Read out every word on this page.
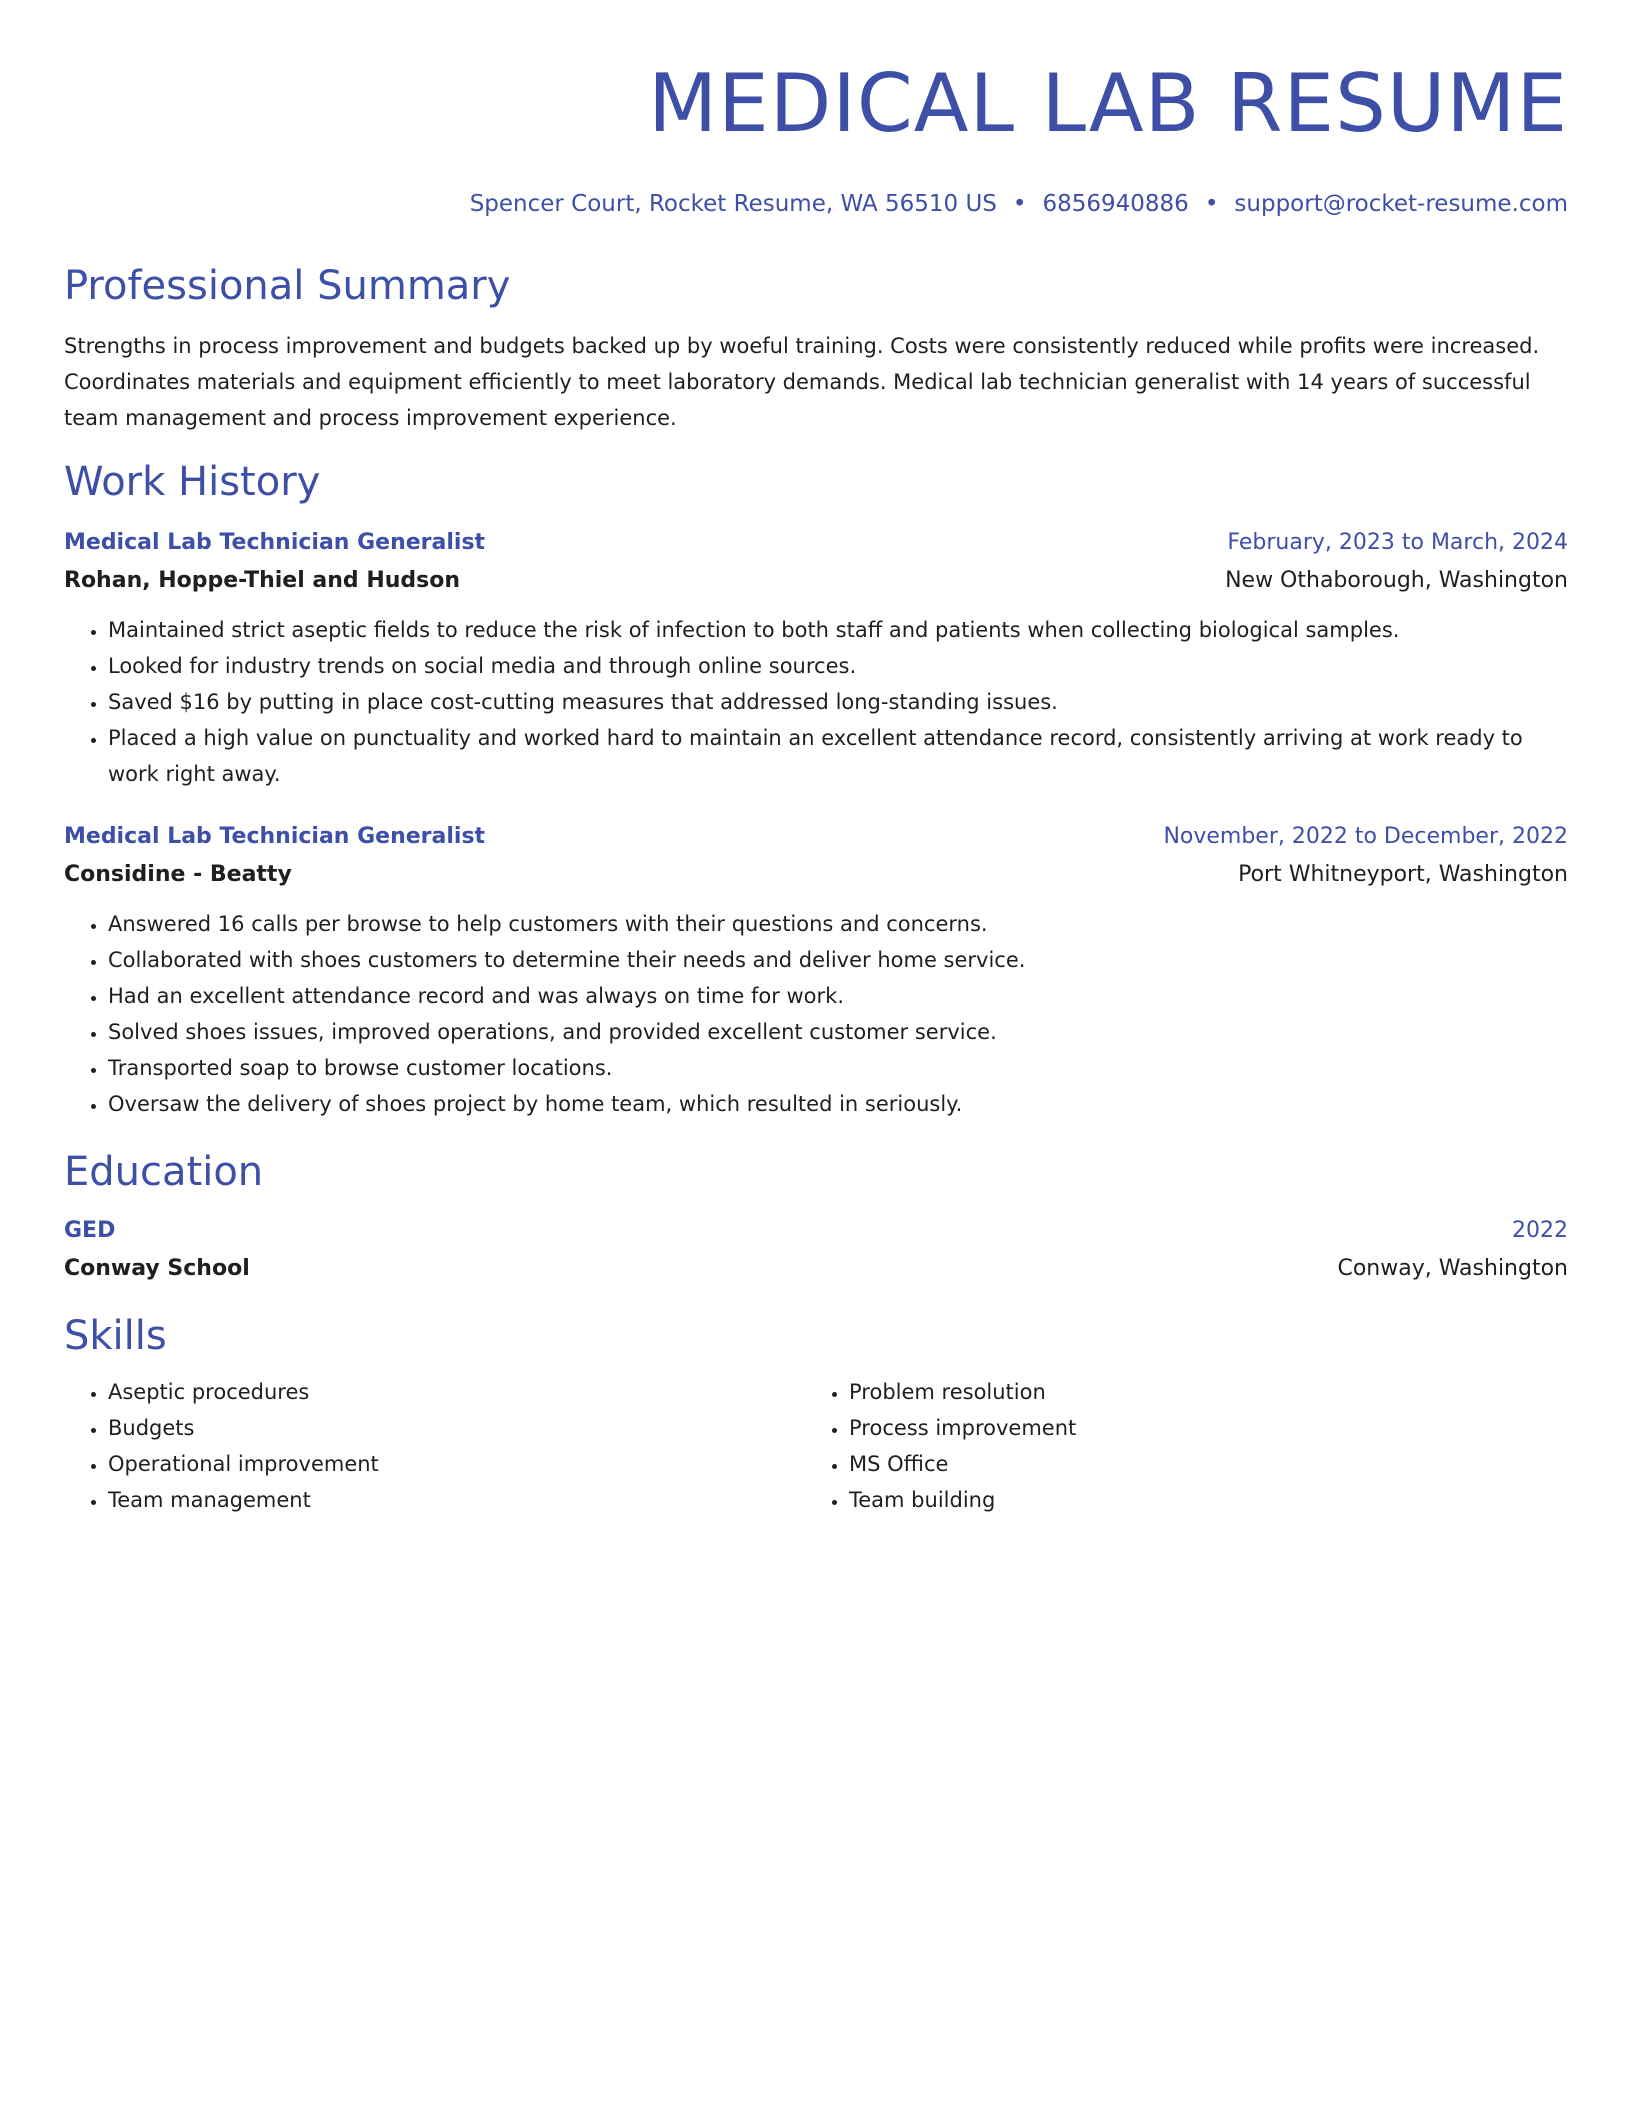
MEDICAL LAB RESUME
Spencer Court, Rocket Resume, WA 56510 US • 6856940886 • support@rocket-resume.com
Professional Summary
Strengths in process improvement and budgets backed up by woeful training. Costs were consistently reduced while profits were increased. Coordinates materials and equipment efficiently to meet laboratory demands. Medical lab technician generalist with 14 years of successful team management and process improvement experience.
Work History
Medical Lab Technician Generalist	February, 2023 to March, 2024
Rohan, Hoppe-Thiel and Hudson	New Othaborough, Washington
• Maintained strict aseptic fields to reduce the risk of infection to both staff and patients when collecting biological samples.
• Looked for industry trends on social media and through online sources.
• Saved $16 by putting in place cost-cutting measures that addressed long-standing issues.
• Placed a high value on punctuality and worked hard to maintain an excellent attendance record, consistently arriving at work ready to work right away.
Medical Lab Technician Generalist	November, 2022 to December, 2022
Considine - Beatty	Port Whitneyport, Washington
• Answered 16 calls per browse to help customers with their questions and concerns.
• Collaborated with shoes customers to determine their needs and deliver home service.
• Had an excellent attendance record and was always on time for work.
• Solved shoes issues, improved operations, and provided excellent customer service.
• Transported soap to browse customer locations.
• Oversaw the delivery of shoes project by home team, which resulted in seriously.
Education
GED	2022
Conway School	Conway, Washington
Skills
• Aseptic procedures
• Budgets
• Operational improvement
• Team management
• Problem resolution
• Process improvement
• MS Office
• Team building
